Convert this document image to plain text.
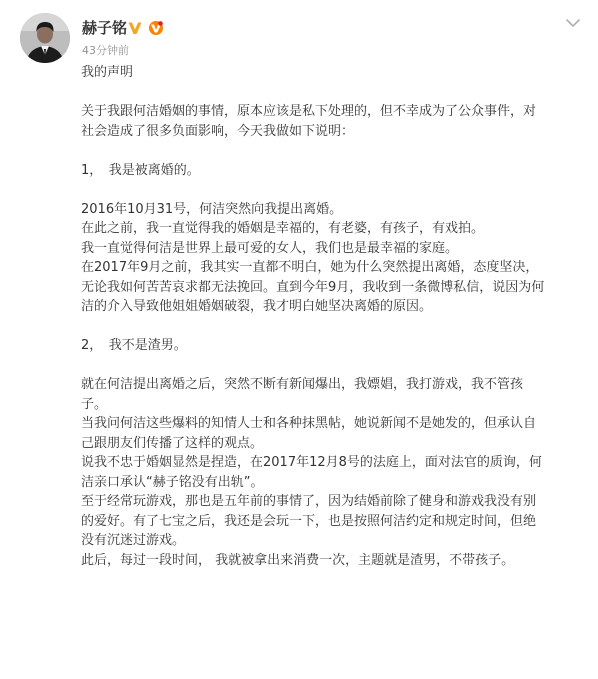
赫子铭
43分钟前
我的声明
关于我跟何洁婚姻的事情，原本应该是私下处理的，但不幸成为了公众事件，对
社会造成了很多负面影响，今天我做如下说明：
1，　我是被离婚的。
2016年10月31号，何洁突然向我提出离婚。
在此之前，我一直觉得我的婚姻是幸福的，有老婆，有孩子，有戏拍。
我一直觉得何洁是世界上最可爱的女人，我们也是最幸福的家庭。
在2017年9月之前，我其实一直都不明白，她为什么突然提出离婚，态度坚决，
无论我如何苦苦哀求都无法挽回。直到今年9月，我收到一条微博私信，说因为何
洁的介入导致他姐姐婚姻破裂，我才明白她坚决离婚的原因。
2，　我不是渣男。
就在何洁提出离婚之后，突然不断有新闻爆出，我嫖娼，我打游戏，我不管孩
子。
当我问何洁这些爆料的知情人士和各种抹黑帖，她说新闻不是她发的，但承认自
己跟朋友们传播了这样的观点。
说我不忠于婚姻显然是捏造，在2017年12月8号的法庭上，面对法官的质询，何
洁亲口承认“赫子铭没有出轨”。
至于经常玩游戏，那也是五年前的事情了，因为结婚前除了健身和游戏我没有别
的爱好。有了七宝之后，我还是会玩一下，也是按照何洁约定和规定时间，但绝
没有沉迷过游戏。
此后，每过一段时间， 我就被拿出来消费一次，主题就是渣男，不带孩子。
